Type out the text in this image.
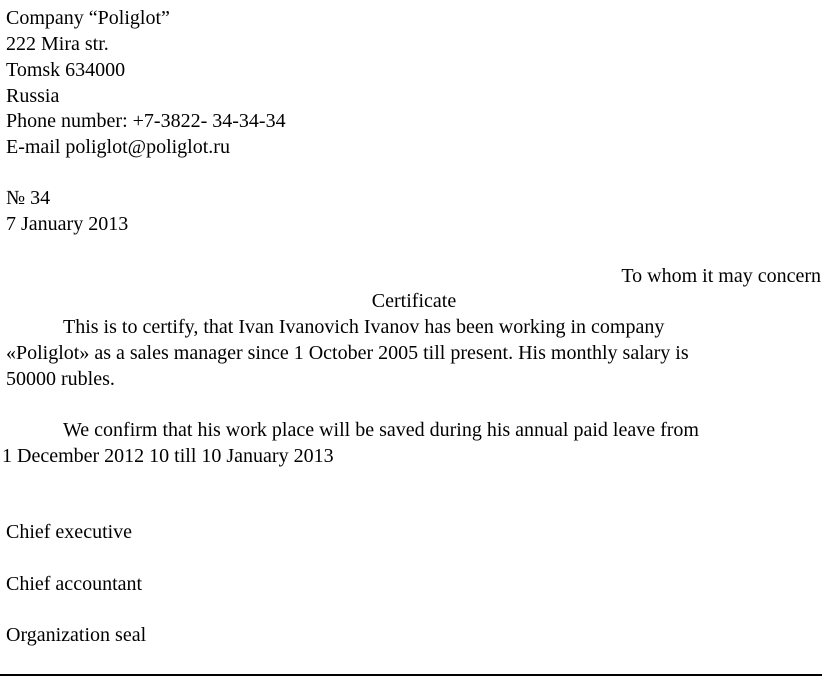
Company “Poliglot”
222 Mira str.
Tomsk 634000
Russia
Phone number: +7-3822- 34-34-34
E-mail poliglot@poliglot.ru
№ 34
7 January 2013
To whom it may concern
Certificate
This is to certify, that Ivan Ivanovich Ivanov has been working in company
«Poliglot» as a sales manager since 1 October 2005 till present. His monthly salary is
50000 rubles.
We confirm that his work place will be saved during his annual paid leave from
1 December 2012 10 till 10 January 2013
Chief executive
Chief accountant
Organization seal
